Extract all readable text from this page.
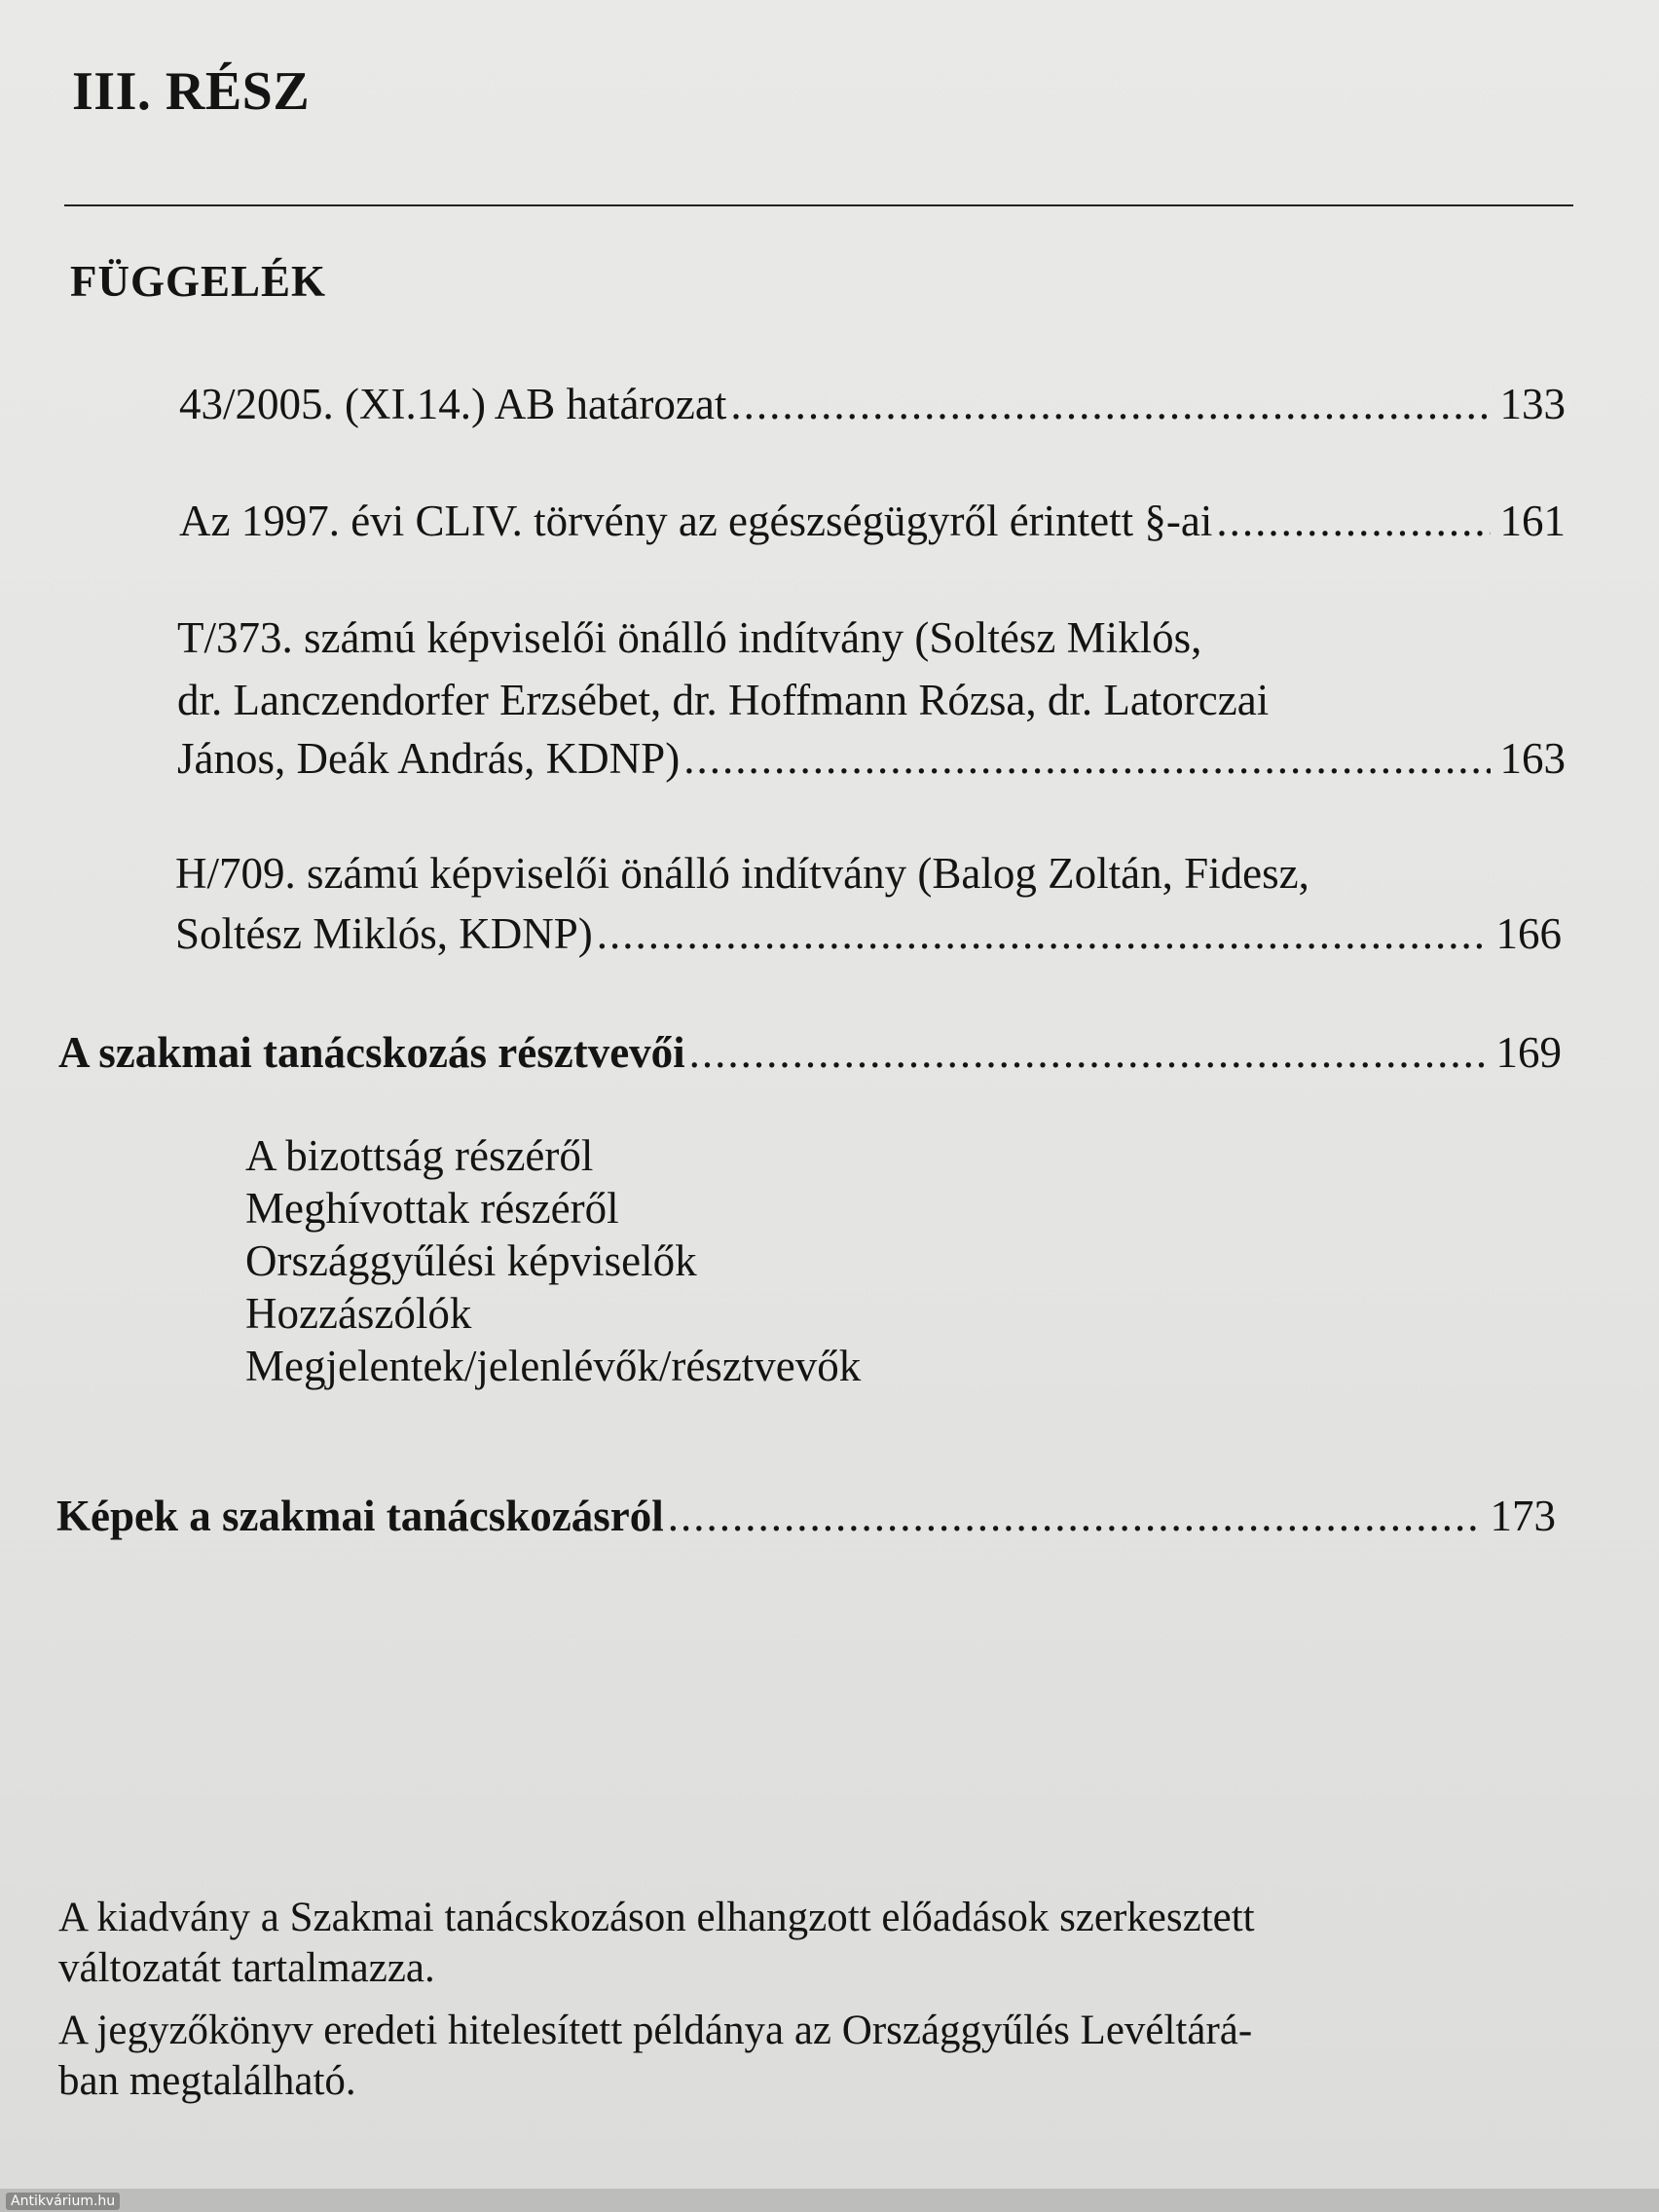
III. RÉSZ
FÜGGELÉK
43/2005. (XI.14.) AB határozat .....	133
Az 1997. évi CLIV. törvény az egészségügyről érintett §-ai .....	161

T/373. számú képviselői önálló indítvány (Soltész Miklós,

dr. Lanczendorfer Erzsébet, dr. Hoffmann Rózsa, dr. Latorczai

János, Deák András, KDNP) .....	163

H/709. számú képviselői önálló indítvány (Balog Zoltán, Fidesz,

Soltész Miklós, KDNP) .....	166
A szakmai tanácskozás résztvevői .....	169
A bizottság részéről
Meghívottak részéről
Országgyűlési képviselők
Hozzászólók
Megjelentek/jelenlévők/résztvevők
Képek a szakmai tanácskozásról .....	173

A kiadvány a Szakmai tanácskozáson elhangzott előadások szerkesztett

változatát tartalmazza.

A jegyzőkönyv eredeti hitelesített példánya az Országgyűlés Levéltárá-

ban megtalálható.

Antikvárium.hu
